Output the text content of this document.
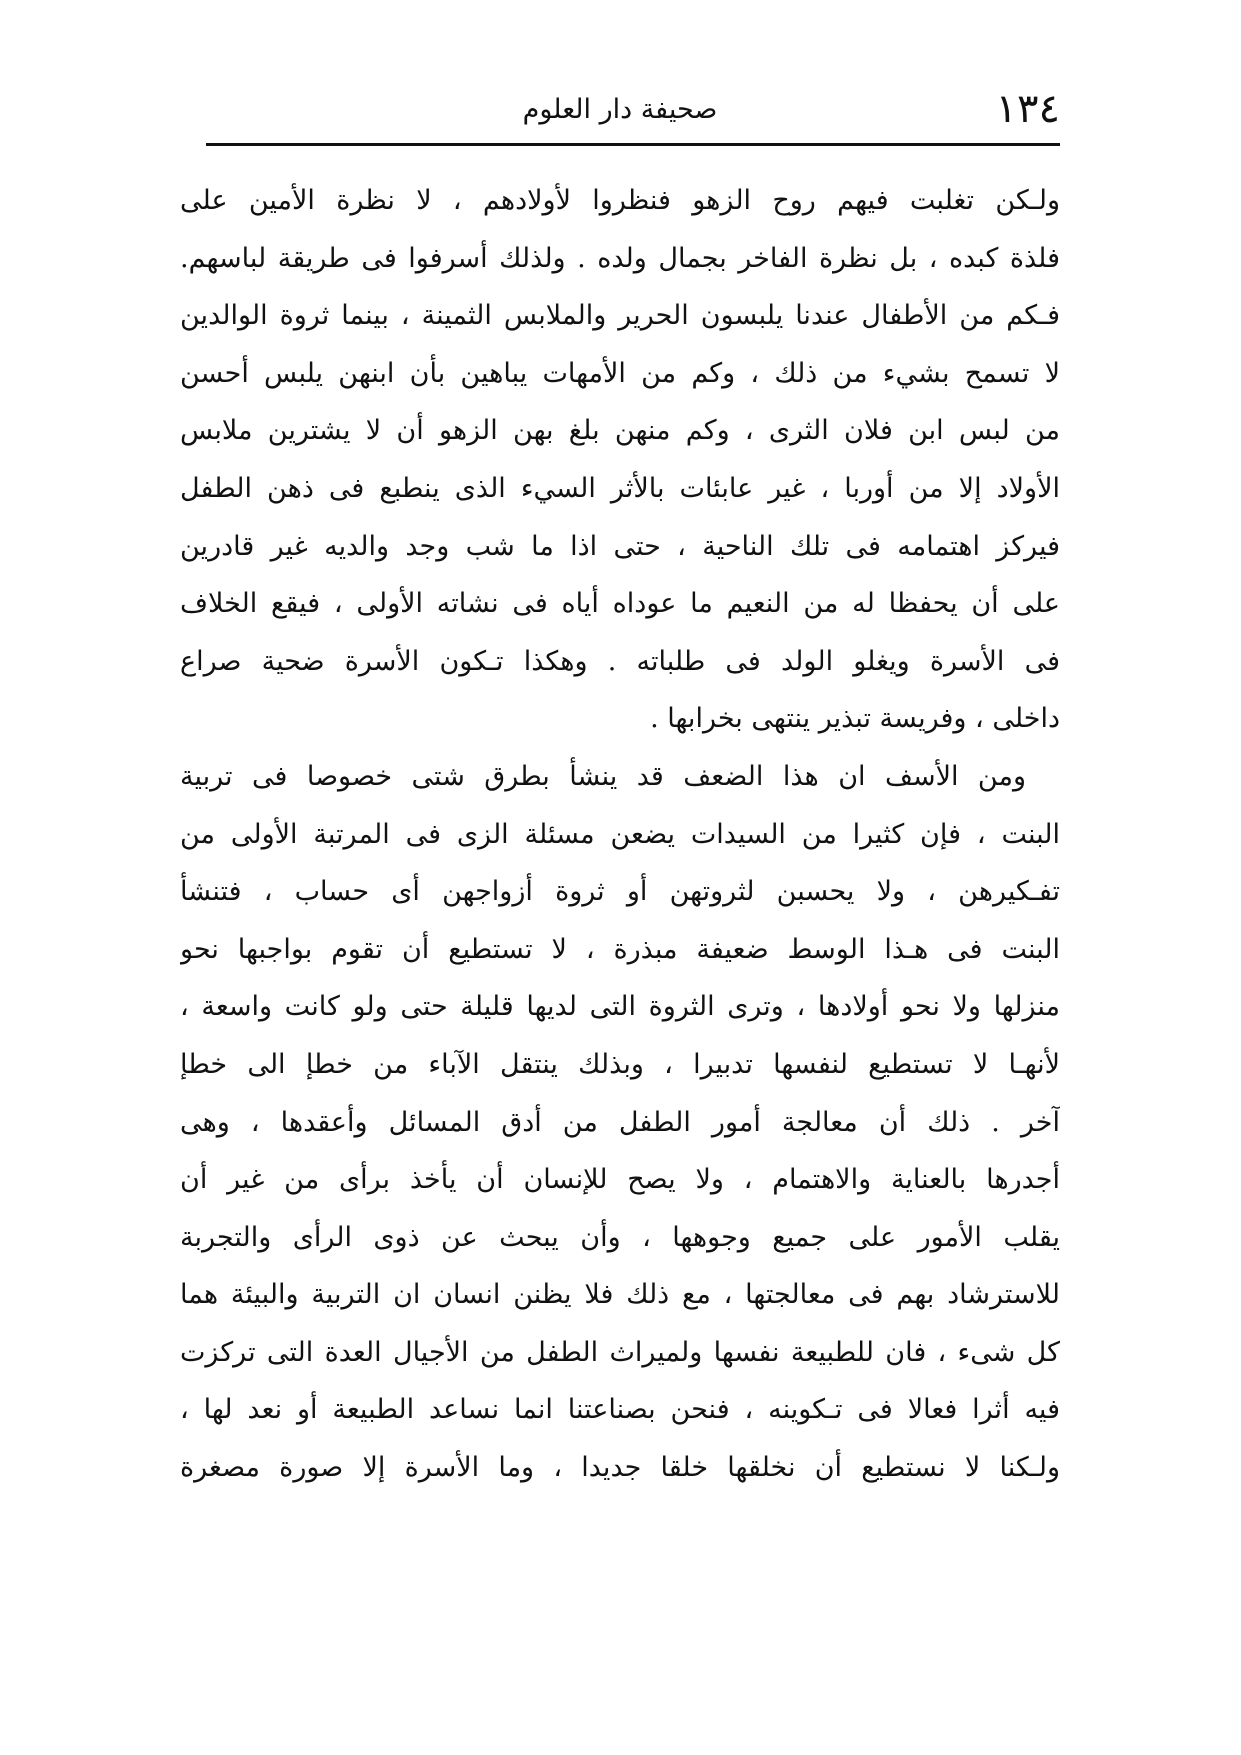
١٣٤
صحيفة دار العلوم
ولـكن تغلبت فيهم روح الزهو فنظروا لأولادهم ، لا نظرة الأمين على
فلذة كبده ، بل نظرة الفاخر بجمال ولده . ولذلك أسرفوا فى طريقة لباسهم.
فـكم من الأطفال عندنا يلبسون الحرير والملابس الثمينة ، بينما ثروة الوالدين
لا تسمح بشيء من ذلك ، وكم من الأمهات يباهين بأن ابنهن يلبس أحسن
من لبس ابن فلان الثرى ، وكم منهن بلغ بهن الزهو أن لا يشترين ملابس
الأولاد إلا من أوربا ، غير عابئات بالأثر السيء الذى ينطبع فى ذهن الطفل
فيركز اهتمامه فى تلك الناحية ، حتى اذا ما شب وجد والديه غير قادرين
على أن يحفظا له من النعيم ما عوداه أياه فى نشاته الأولى ، فيقع الخلاف
فى الأسرة ويغلو الولد فى طلباته . وهكذا تـكون الأسرة ضحية صراع
داخلى ، وفريسة تبذير ينتهى بخرابها .
ومن الأسف ان هذا الضعف قد ينشأ بطرق شتى خصوصا فى تربية
البنت ، فإن كثيرا من السيدات يضعن مسئلة الزى فى المرتبة الأولى من
تفـكيرهن ، ولا يحسبن لثروتهن أو ثروة أزواجهن أى حساب ، فتنشأ
البنت فى هـذا الوسط ضعيفة مبذرة ، لا تستطيع أن تقوم بواجبها نحو
منزلها ولا نحو أولادها ، وترى الثروة التى لديها قليلة حتى ولو كانت واسعة ،
لأنهـا لا تستطيع لنفسها تدبيرا ، وبذلك ينتقل الآباء من خطإ الى خطإ
آخر . ذلك أن معالجة أمور الطفل من أدق المسائل وأعقدها ، وهى
أجدرها بالعناية والاهتمام ، ولا يصح للإنسان أن يأخذ برأى من غير أن
يقلب الأمور على جميع وجوهها ، وأن يبحث عن ذوى الرأى والتجربة
للاسترشاد بهم فى معالجتها ، مع ذلك فلا يظنن انسان ان التربية والبيئة هما
كل شىء ، فان للطبيعة نفسها ولميراث الطفل من الأجيال العدة التى تركزت
فيه أثرا فعالا فى تـكوينه ، فنحن بصناعتنا انما نساعد الطبيعة أو نعد لها ،
ولـكنا لا نستطيع أن نخلقها خلقا جديدا ، وما الأسرة إلا صورة مصغرة
